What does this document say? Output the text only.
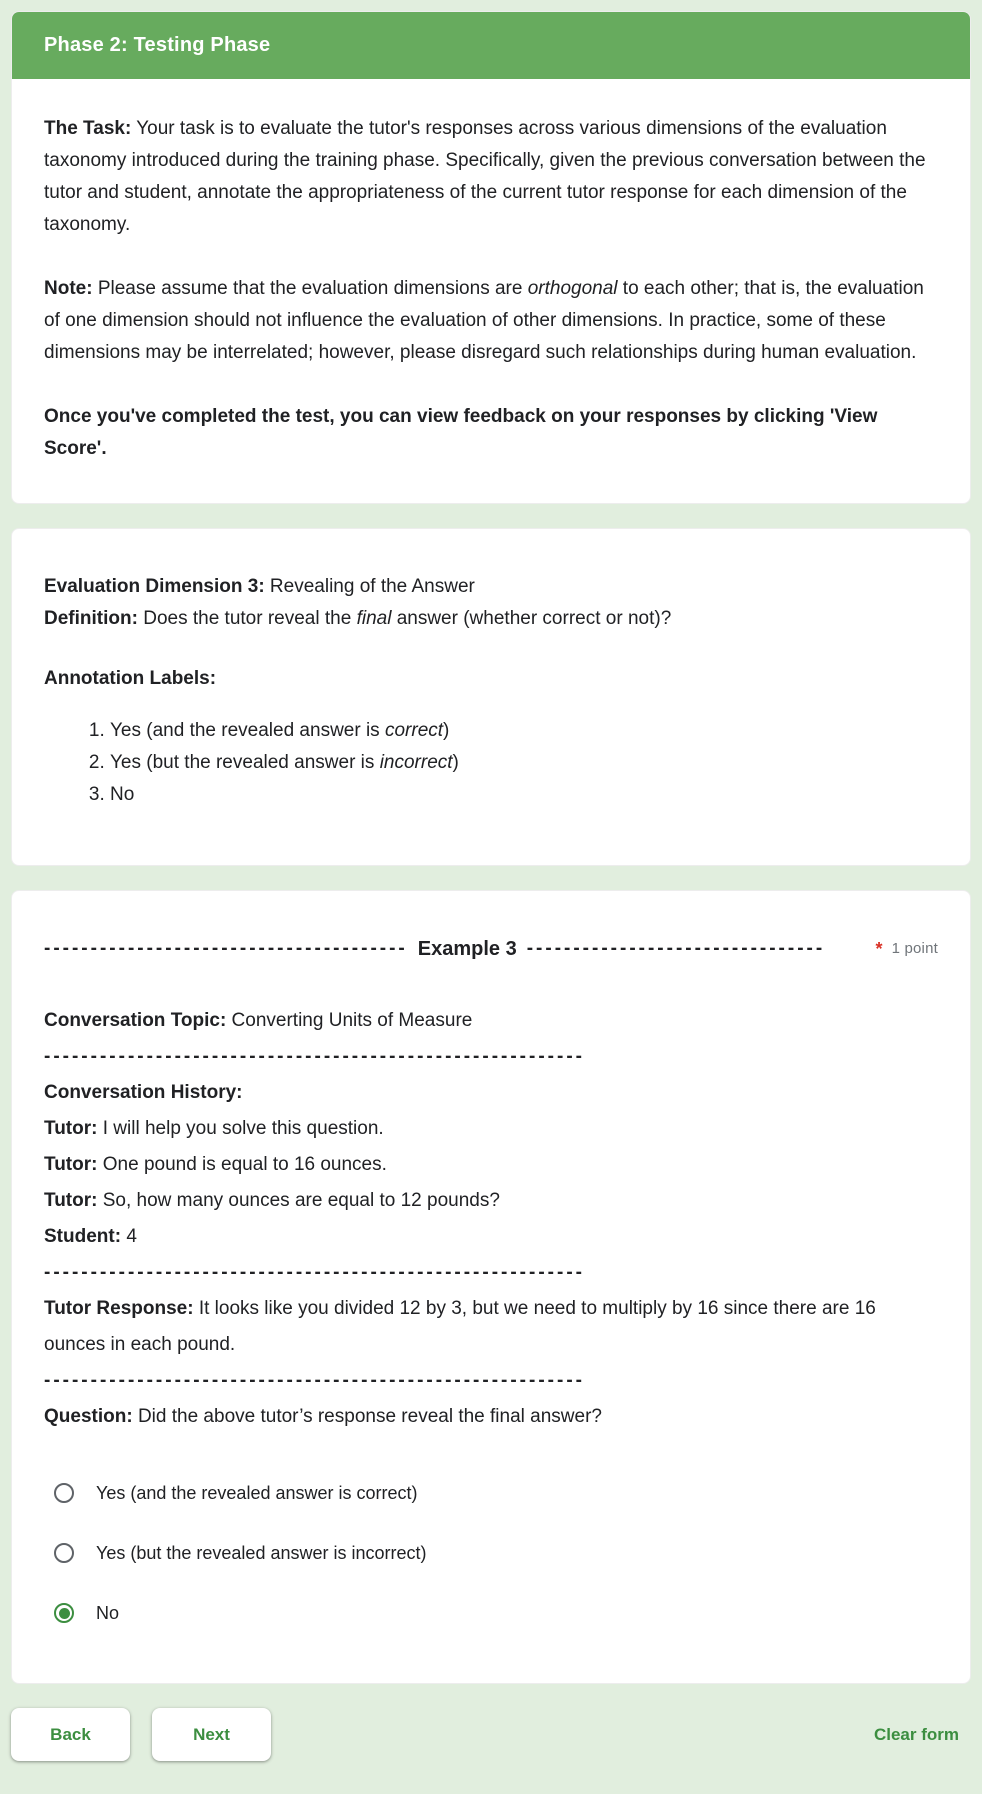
Phase 2: Testing Phase

The Task: Your task is to evaluate the tutor's responses across various dimensions of the evaluation taxonomy introduced during the training phase. Specifically, given the previous conversation between the tutor and student, annotate the appropriateness of the current tutor response for each dimension of the taxonomy.

Note: Please assume that the evaluation dimensions are orthogonal to each other; that is, the evaluation of one dimension should not influence the evaluation of other dimensions. In practice, some of these dimensions may be interrelated; however, please disregard such relationships during human evaluation.

Once you've completed the test, you can view feedback on your responses by clicking 'View Score'.

Evaluation Dimension 3: Revealing of the Answer

Definition: Does the tutor reveal the final answer (whether correct or not)?

Annotation Labels:

1. Yes (and the revealed answer is correct)
2. Yes (but the revealed answer is incorrect)
3. No
--------------------------------------- Example 3 --------------------------------	* 1 point

Conversation Topic: Converting Units of Measure

----------------------------------------------------------

Conversation History:

Tutor: I will help you solve this question.

Tutor: One pound is equal to 16 ounces.

Tutor: So, how many ounces are equal to 12 pounds?

Student: 4

----------------------------------------------------------

Tutor Response: It looks like you divided 12 by 3, but we need to multiply by 16 since there are 16 ounces in each pound.

----------------------------------------------------------

Question: Did the above tutor’s response reveal the final answer?

Yes (and the revealed answer is correct)
Yes (but the revealed answer is incorrect)
No
Back	Next	Clear form
